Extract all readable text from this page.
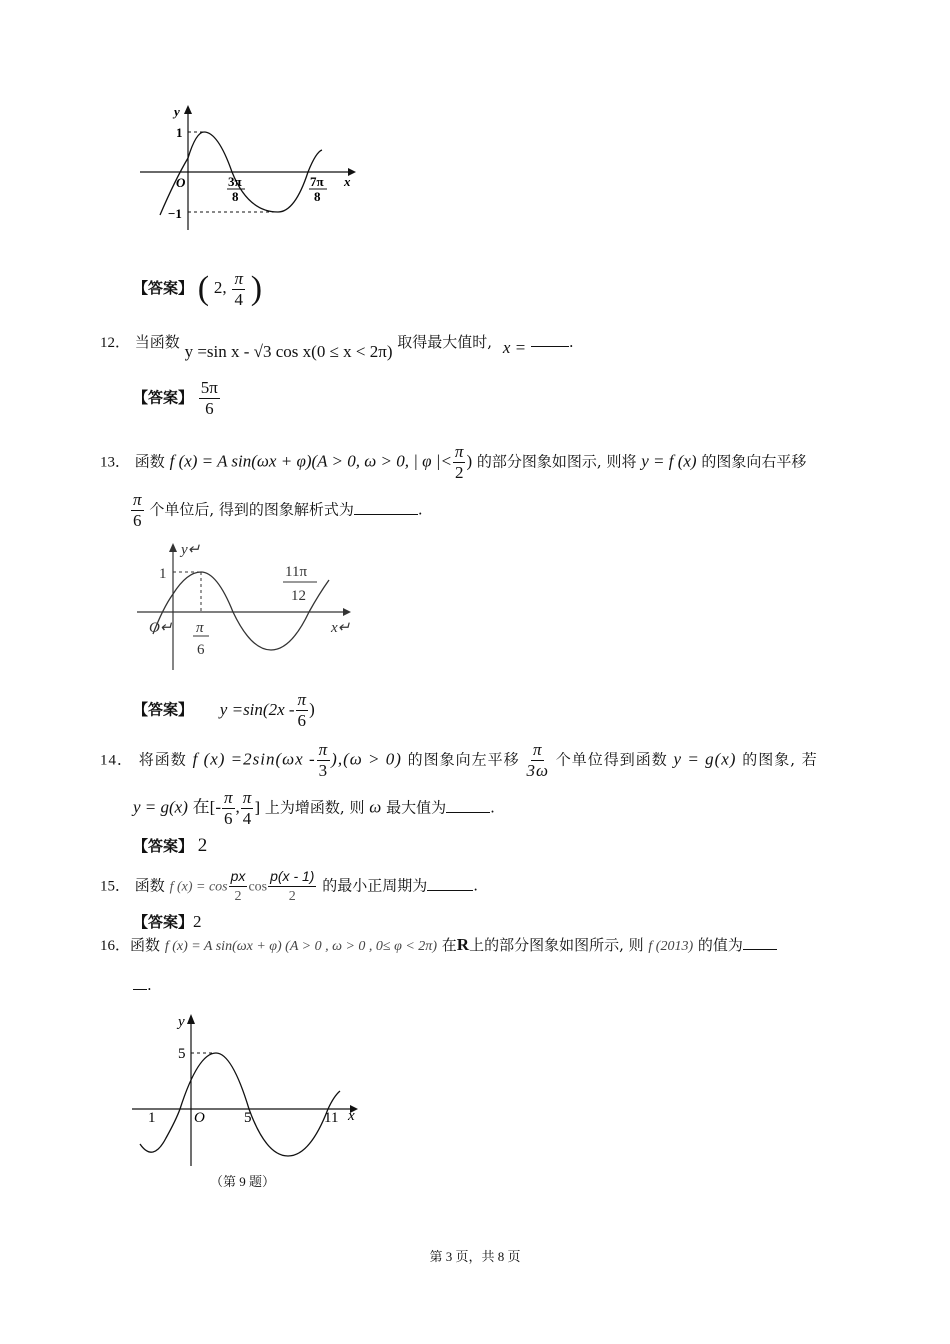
y
x
O
1
−1
3π
8
7π
8
【答案】 ( 2, $\frac{\pi}{4}$ )
12． 当函数 y =sin x - √3 cos x(0 ≤ x < 2π) 取得最大值时, x =	.
【答案】 $\frac{5\pi}{6}$
13． 函数 f (x) = A sin(ωx + φ)(A > 0, ω > 0, | φ |< $\frac{\pi}{2}$ ) 的部分图象如图示, 则将 y = f (x) 的图象向右平移
$\frac{\pi}{6}$ 个单位后, 得到的图象解析式为	.
y↵
x↵
O↵
1
π
6
11π
12
【答案】 $y =\sin(2x - \frac{\pi}{6}$ )
14． 将函数 f $(x) =2\sin(\omega x - \frac{\pi}{3} ),(\omega > 0)$ 的图象向左平移 $\frac{\pi}{3\omega}$ 个单位得到函数 y = g(x) 的图象, 若
y = g(x) 在[- $\frac{\pi}{6}$ , $\frac{\pi}{4}$ ] 上为增函数, 则 ω 最大值为	.
【答案】 2
15． 函数 f $(x) = \cos \frac{px}{2}$ $\cos \frac{p(x - 1)}{2}$ 的最小正周期为	.
【答案】2
16．函数 f (x) = A sin(ωx + φ) (A > 0 , ω > 0 , 0≤ φ < 2π) 在R上的部分图象如图所示, 则 f (2013) 的值为
.
y
x
O
5
1	5	11
（第 9 题）
第 3 页，共 8 页
